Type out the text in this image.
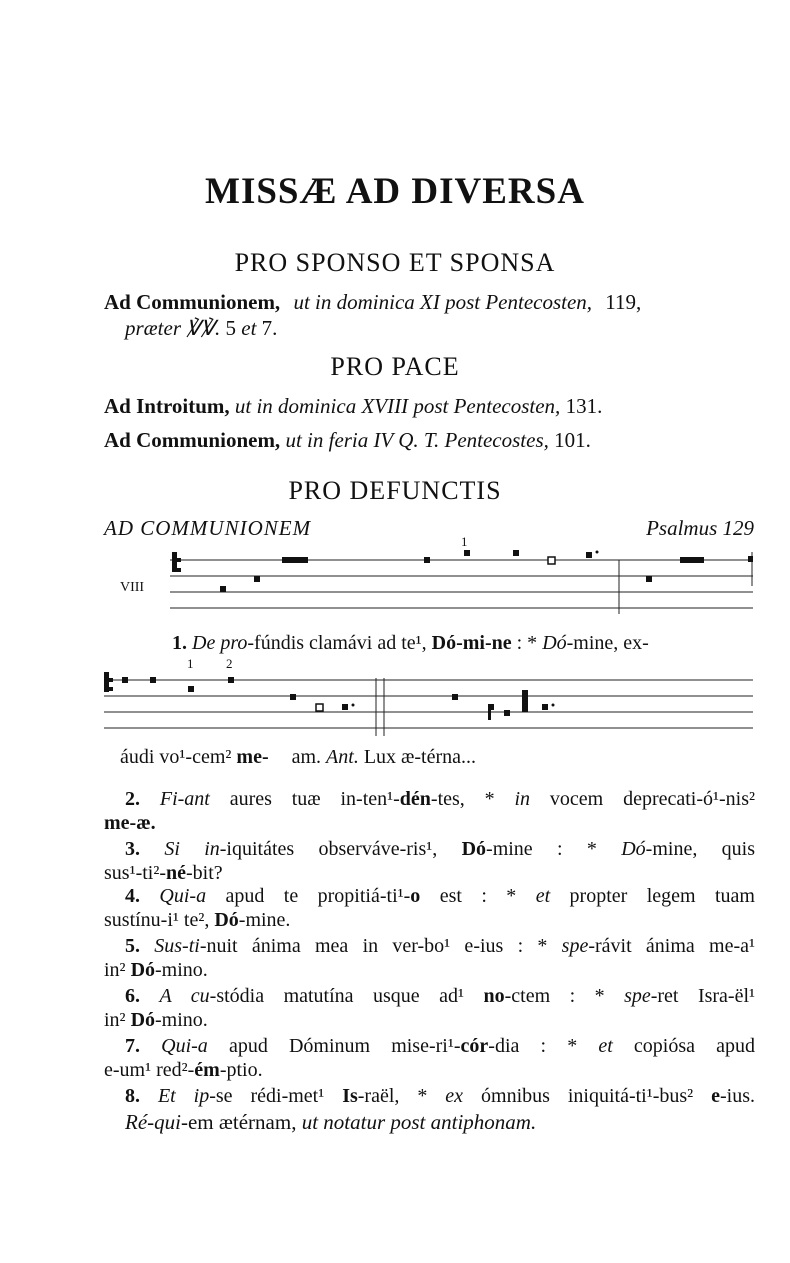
MISSÆ AD DIVERSA
PRO SPONSO ET SPONSA
Ad Communionem, ut in dominica XI post Pentecosten, 119,
præter ℣℣. 5 et 7.
PRO PACE
Ad Introitum, ut in dominica XVIII post Pentecosten, 131.
Ad Communionem, ut in feria IV Q. T. Pentecostes, 101.
PRO DEFUNCTIS
AD COMMUNIONEM	Psalmus 129
VIII
1
1. De pro-fúndis clamávi ad te¹, Dó-mi-ne : * Dó-mine, ex-
1	2
áudi vo¹-cem² me- am. Ant. Lux æ-térna...
2. Fi-ant aures tuæ in-ten¹-dén-tes, * in vocem deprecati-ó¹-nis²
me-æ.
3. Si in-iquitátes observáve-ris¹, Dó-mine : * Dó-mine, quis
sus¹-ti²-né-bit?
4. Qui-a apud te propitiá-ti¹-o est : * et propter legem tuam
sustínu-i¹ te², Dó-mine.
5. Sus-ti-nuit ánima mea in ver-bo¹ e-ius : * spe-rávit ánima me-a¹
in² Dó-mino.
6. A cu-stódia matutína usque ad¹ no-ctem : * spe-ret Isra-ël¹
in² Dó-mino.
7. Qui-a apud Dóminum mise-ri¹-cór-dia : * et copiósa apud
e-um¹ red²-ém-ptio.
8. Et ip-se rédi-met¹ Is-raël, * ex ómnibus iniquitá-ti¹-bus² e-ius.
Ré-qui-em ætérnam, ut notatur post antiphonam.
